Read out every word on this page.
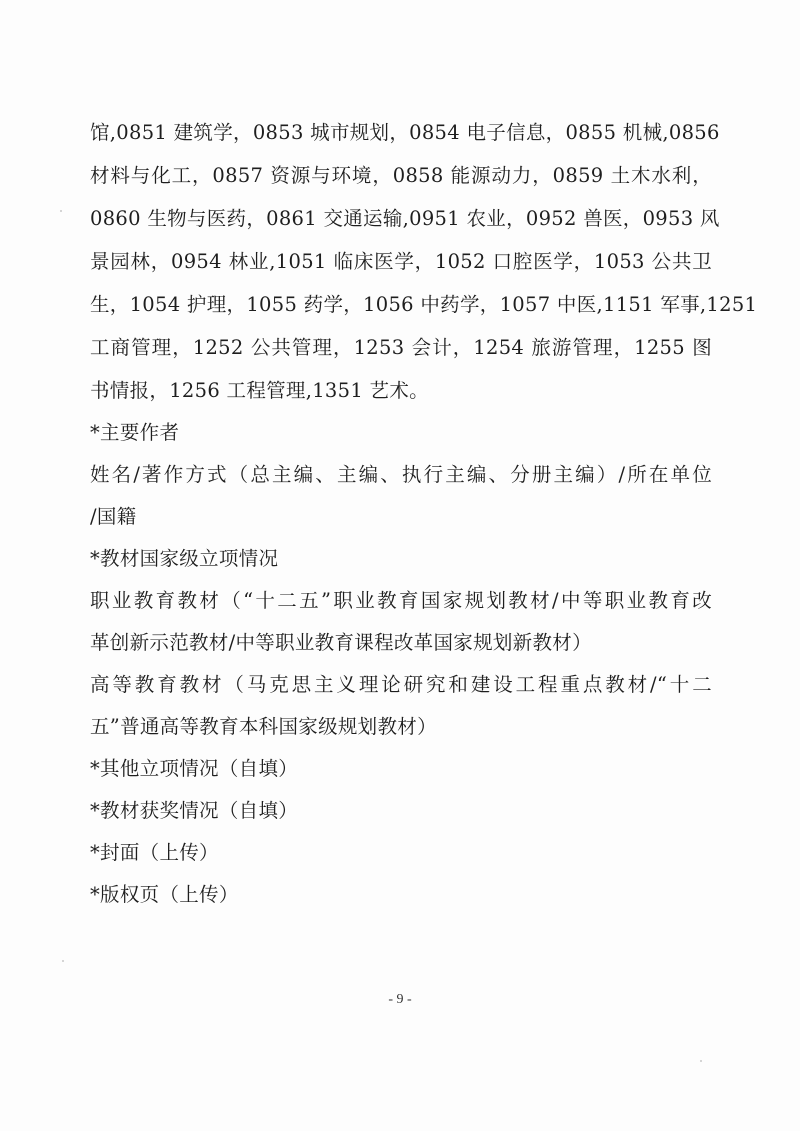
馆,0851 建筑学，0853 城市规划，0854 电子信息，0855 机械,0856
材料与化工，0857 资源与环境，0858 能源动力，0859 土木水利，
0860 生物与医药，0861 交通运输,0951 农业，0952 兽医，0953 风
景园林，0954 林业,1051 临床医学，1052 口腔医学，1053 公共卫
生，1054 护理，1055 药学，1056 中药学，1057 中医,1151 军事,1251
工商管理，1252 公共管理，1253 会计，1254 旅游管理，1255 图
书情报，1256 工程管理,1351 艺术。
*主要作者
姓名/著作方式（总主编、主编、执行主编、分册主编）/所在单位
/国籍
*教材国家级立项情况
职业教育教材（“十二五”职业教育国家规划教材/中等职业教育改
革创新示范教材/中等职业教育课程改革国家规划新教材）
高等教育教材（马克思主义理论研究和建设工程重点教材/“十二
五”普通高等教育本科国家级规划教材）
*其他立项情况（自填）
*教材获奖情况（自填）
*封面（上传）
*版权页（上传）
- 9 -
